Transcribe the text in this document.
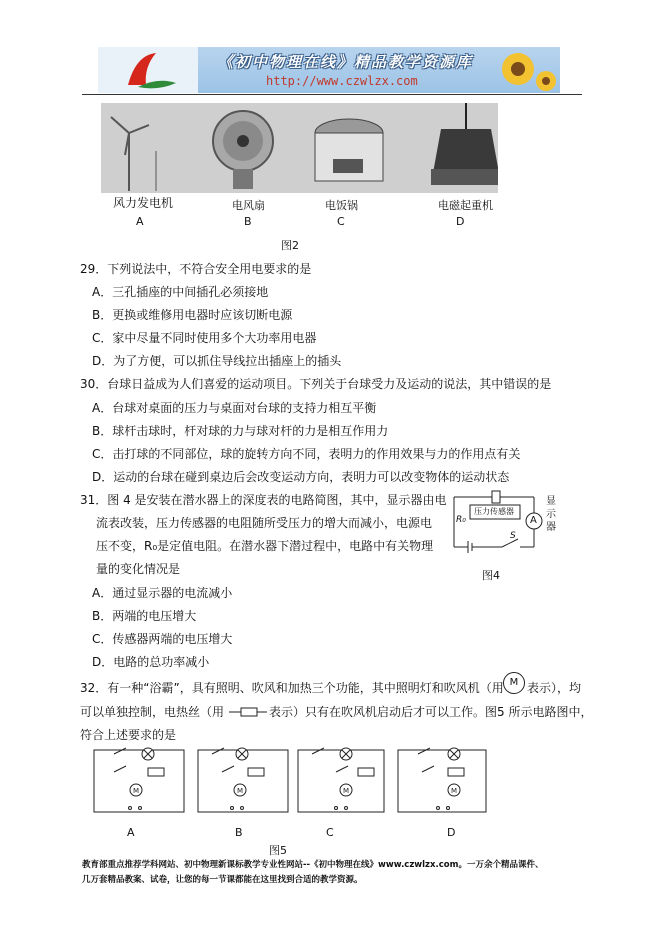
《初中物理在线》精品教学资源库
http://www.czwlzx.com
风力发电机	电风扇	电饭锅	电磁起重机
A	B	C	D
图2
29．下列说法中，不符合安全用电要求的是
A．三孔插座的中间插孔必须接地
B．更换或维修用电器时应该切断电源
C．家中尽量不同时使用多个大功率用电器
D．为了方便，可以抓住导线拉出插座上的插头
30．台球日益成为人们喜爱的运动项目。下列关于台球受力及运动的说法，其中错误的是
A．台球对桌面的压力与桌面对台球的支持力相互平衡
B．球杆击球时，杆对球的力与球对杆的力是相互作用力
C．击打球的不同部位，球的旋转方向不同，表明力的作用效果与力的作用点有关
D．运动的台球在碰到桌边后会改变运动方向，表明力可以改变物体的运动状态
31．图 4 是安装在潜水器上的深度表的电路简图，其中，显示器由电
流表改装，压力传感器的电阻随所受压力的增大而减小，电源电
压不变，R₀是定值电阻。在潜水器下潜过程中，电路中有关物理
量的变化情况是
A．通过显示器的电流减小
B．两端的电压增大
C．传感器两端的电压增大
D．电路的总功率减小
压力传感器
R₀	A
显示器
S
图4
32．有一种“浴霸”，具有照明、吹风和加热三个功能，其中照明灯和吹风机（用 M 表示），均
可以单独控制，电热丝（用	表示）只有在吹风机启动后才可以工作。图5 所示电路图中，
符合上述要求的是
M	M	M	M
A	B	C	D
图5
教育部重点推荐学科网站、初中物理新课标教学专业性网站--《初中物理在线》www.czwlzx.com。一万余个精品课件、
几万套精品教案、试卷，让您的每一节课都能在这里找到合适的教学资源。
